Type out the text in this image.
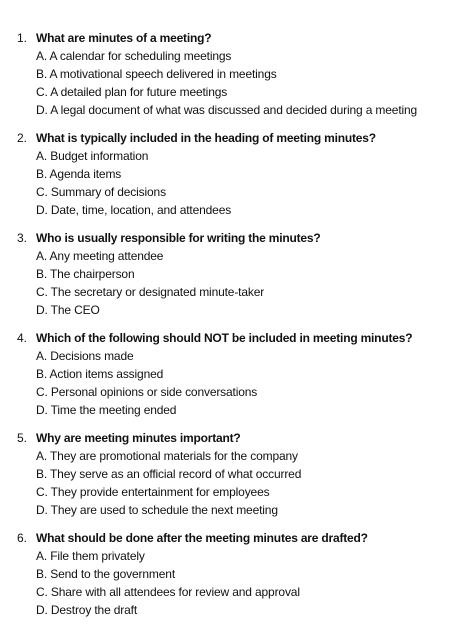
1. What are minutes of a meeting?
A. A calendar for scheduling meetings
B. A motivational speech delivered in meetings
C. A detailed plan for future meetings
D. A legal document of what was discussed and decided during a meeting
2. What is typically included in the heading of meeting minutes?
A. Budget information
B. Agenda items
C. Summary of decisions
D. Date, time, location, and attendees
3. Who is usually responsible for writing the minutes?
A. Any meeting attendee
B. The chairperson
C. The secretary or designated minute-taker
D. The CEO
4. Which of the following should NOT be included in meeting minutes?
A. Decisions made
B. Action items assigned
C. Personal opinions or side conversations
D. Time the meeting ended
5. Why are meeting minutes important?
A. They are promotional materials for the company
B. They serve as an official record of what occurred
C. They provide entertainment for employees
D. They are used to schedule the next meeting
6. What should be done after the meeting minutes are drafted?
A. File them privately
B. Send to the government
C. Share with all attendees for review and approval
D. Destroy the draft
